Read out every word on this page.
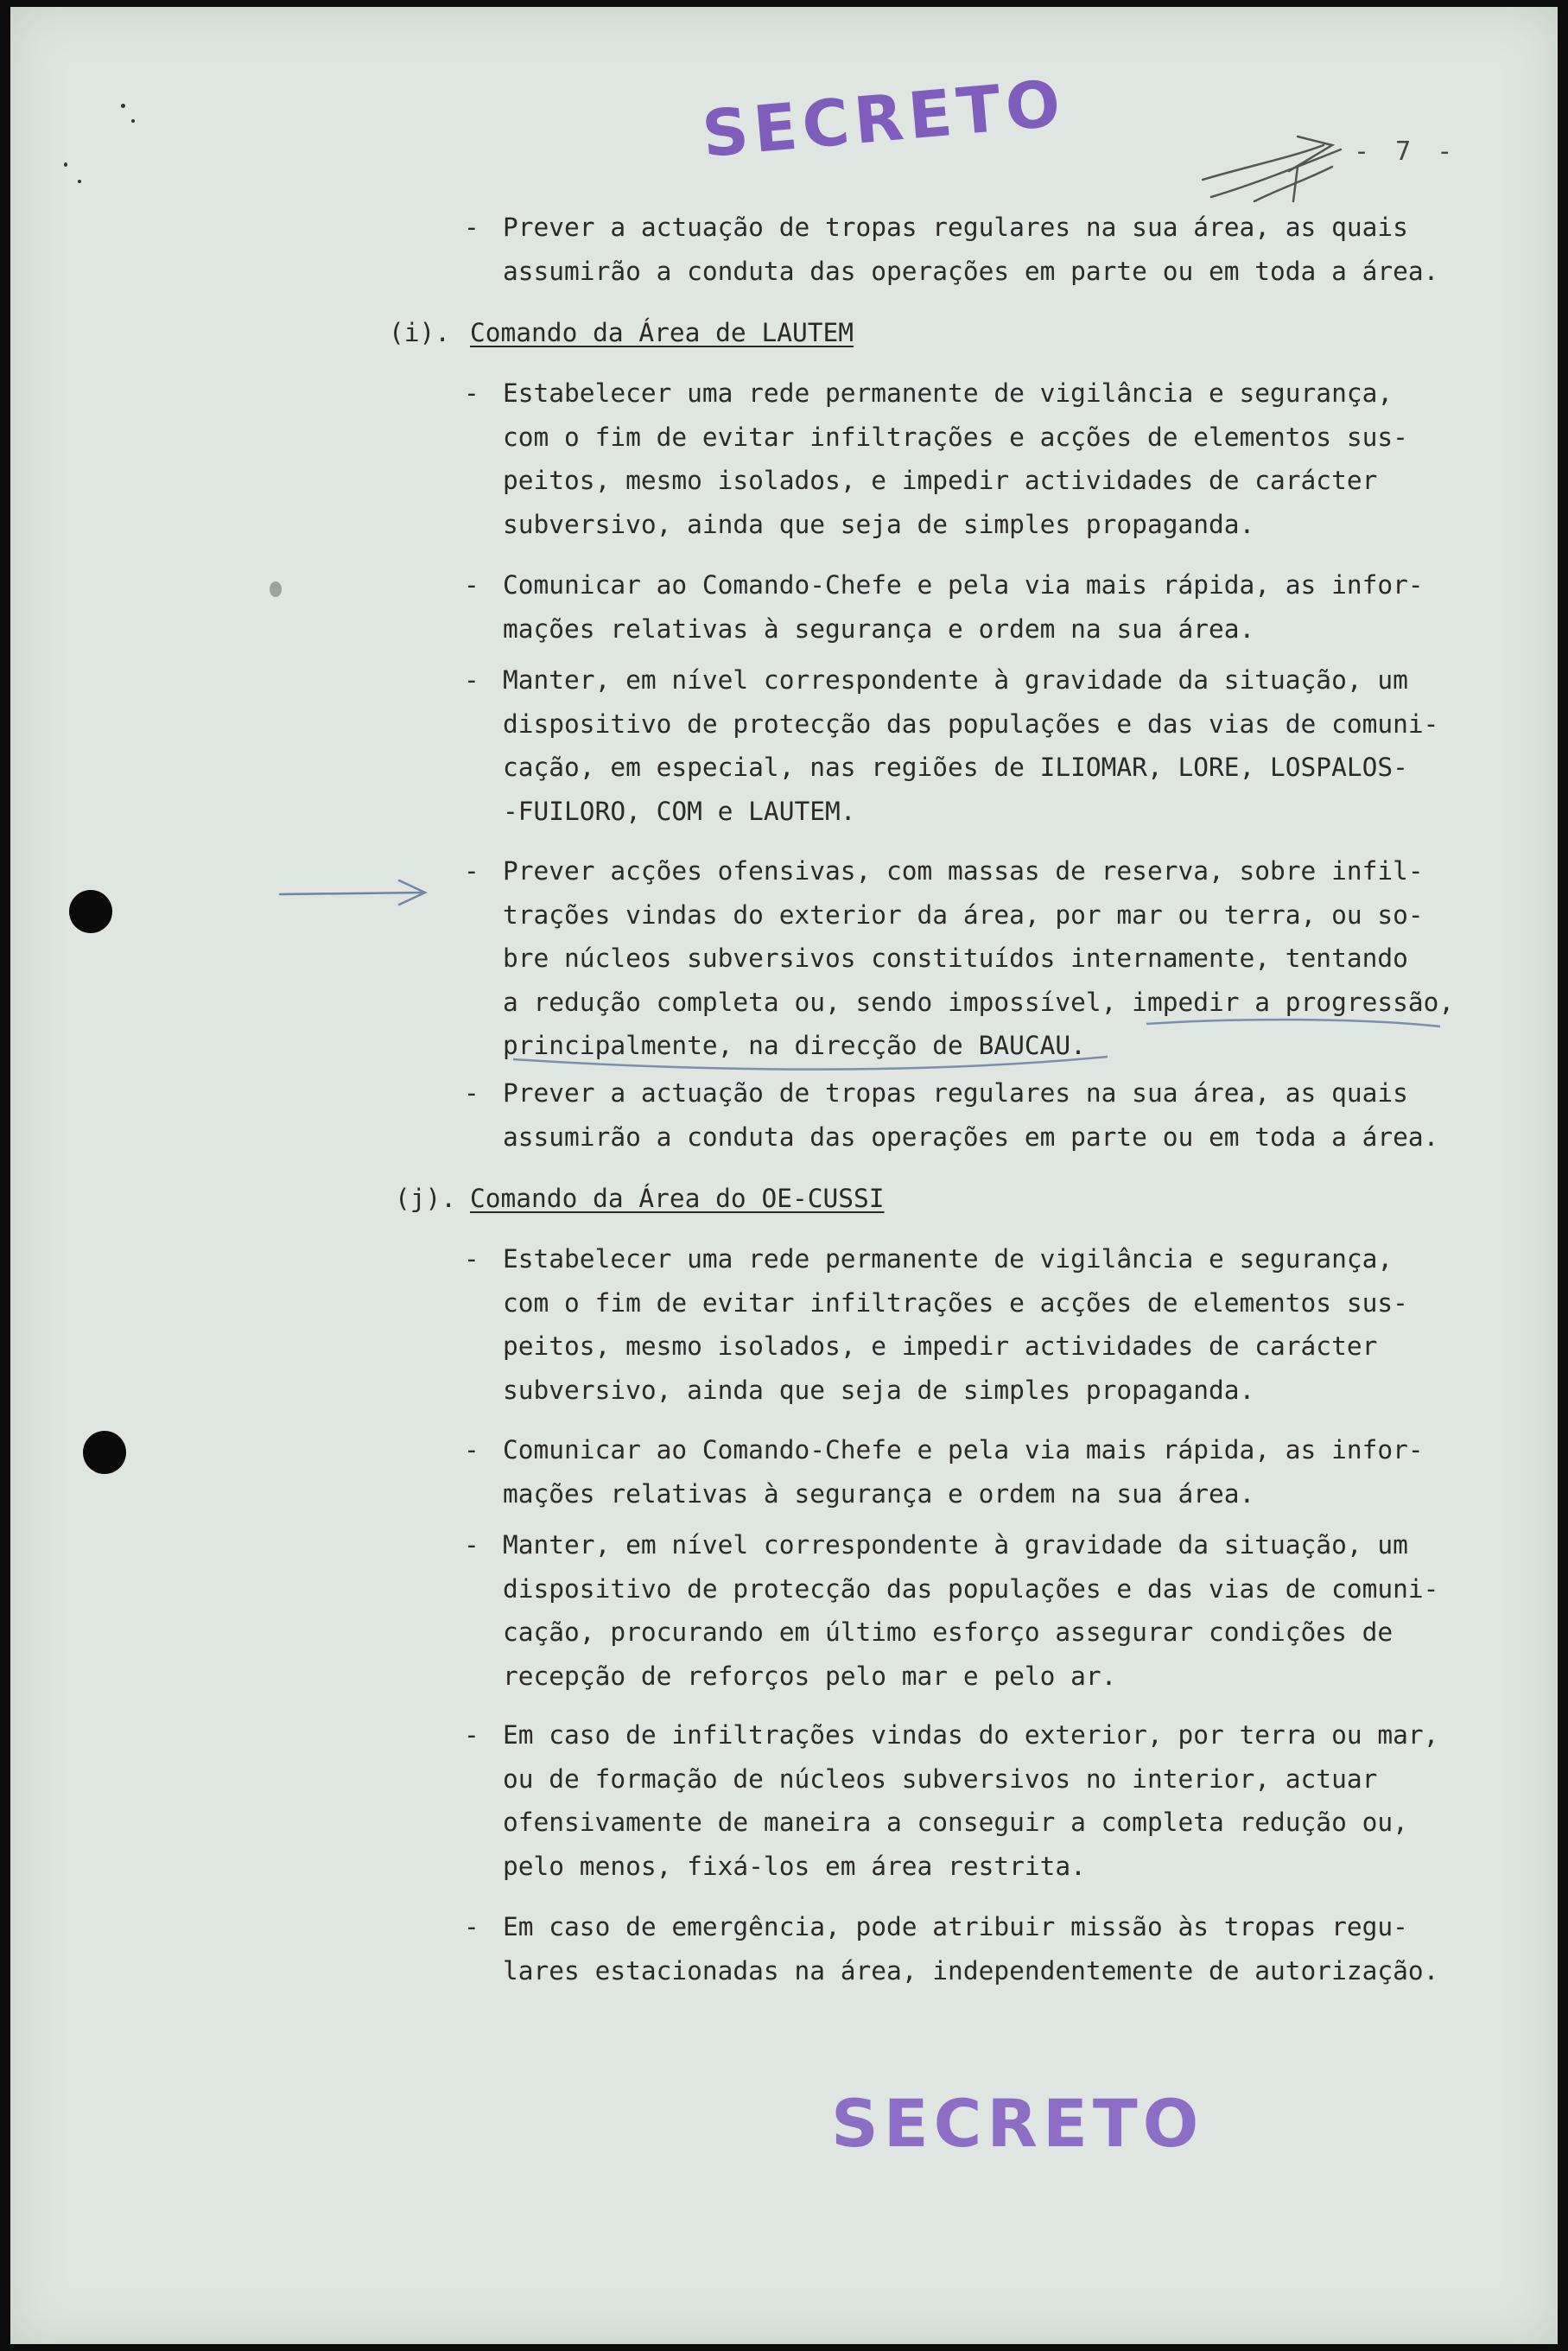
SECRETO	- 7 -
- Prever a actuação de tropas regulares na sua área, as quais
assumirão a conduta das operações em parte ou em toda a área.
(i). Comando da Área de LAUTEM
- Estabelecer uma rede permanente de vigilância e segurança,
com o fim de evitar infiltrações e acções de elementos sus-
peitos, mesmo isolados, e impedir actividades de carácter
subversivo, ainda que seja de simples propaganda.
- Comunicar ao Comando-Chefe e pela via mais rápida, as infor-
mações relativas à segurança e ordem na sua área.
- Manter, em nível correspondente à gravidade da situação, um
dispositivo de protecção das populações e das vias de comuni-
cação, em especial, nas regiões de ILIOMAR, LORE, LOSPALOS-
-FUILORO, COM e LAUTEM.
- Prever acções ofensivas, com massas de reserva, sobre infil-
trações vindas do exterior da área, por mar ou terra, ou so-
bre núcleos subversivos constituídos internamente, tentando
a redução completa ou, sendo impossível, impedir a progressão,
principalmente, na direcção de BAUCAU.
- Prever a actuação de tropas regulares na sua área, as quais
assumirão a conduta das operações em parte ou em toda a área.
(j). Comando da Área do OE-CUSSI
- Estabelecer uma rede permanente de vigilância e segurança,
com o fim de evitar infiltrações e acções de elementos sus-
peitos, mesmo isolados, e impedir actividades de carácter
subversivo, ainda que seja de simples propaganda.
- Comunicar ao Comando-Chefe e pela via mais rápida, as infor-
mações relativas à segurança e ordem na sua área.
- Manter, em nível correspondente à gravidade da situação, um
dispositivo de protecção das populações e das vias de comuni-
cação, procurando em último esforço assegurar condições de
recepção de reforços pelo mar e pelo ar.
- Em caso de infiltrações vindas do exterior, por terra ou mar,
ou de formação de núcleos subversivos no interior, actuar
ofensivamente de maneira a conseguir a completa redução ou,
pelo menos, fixá-los em área restrita.
- Em caso de emergência, pode atribuir missão às tropas regu-
lares estacionadas na área, independentemente de autorização.
SECRETO
